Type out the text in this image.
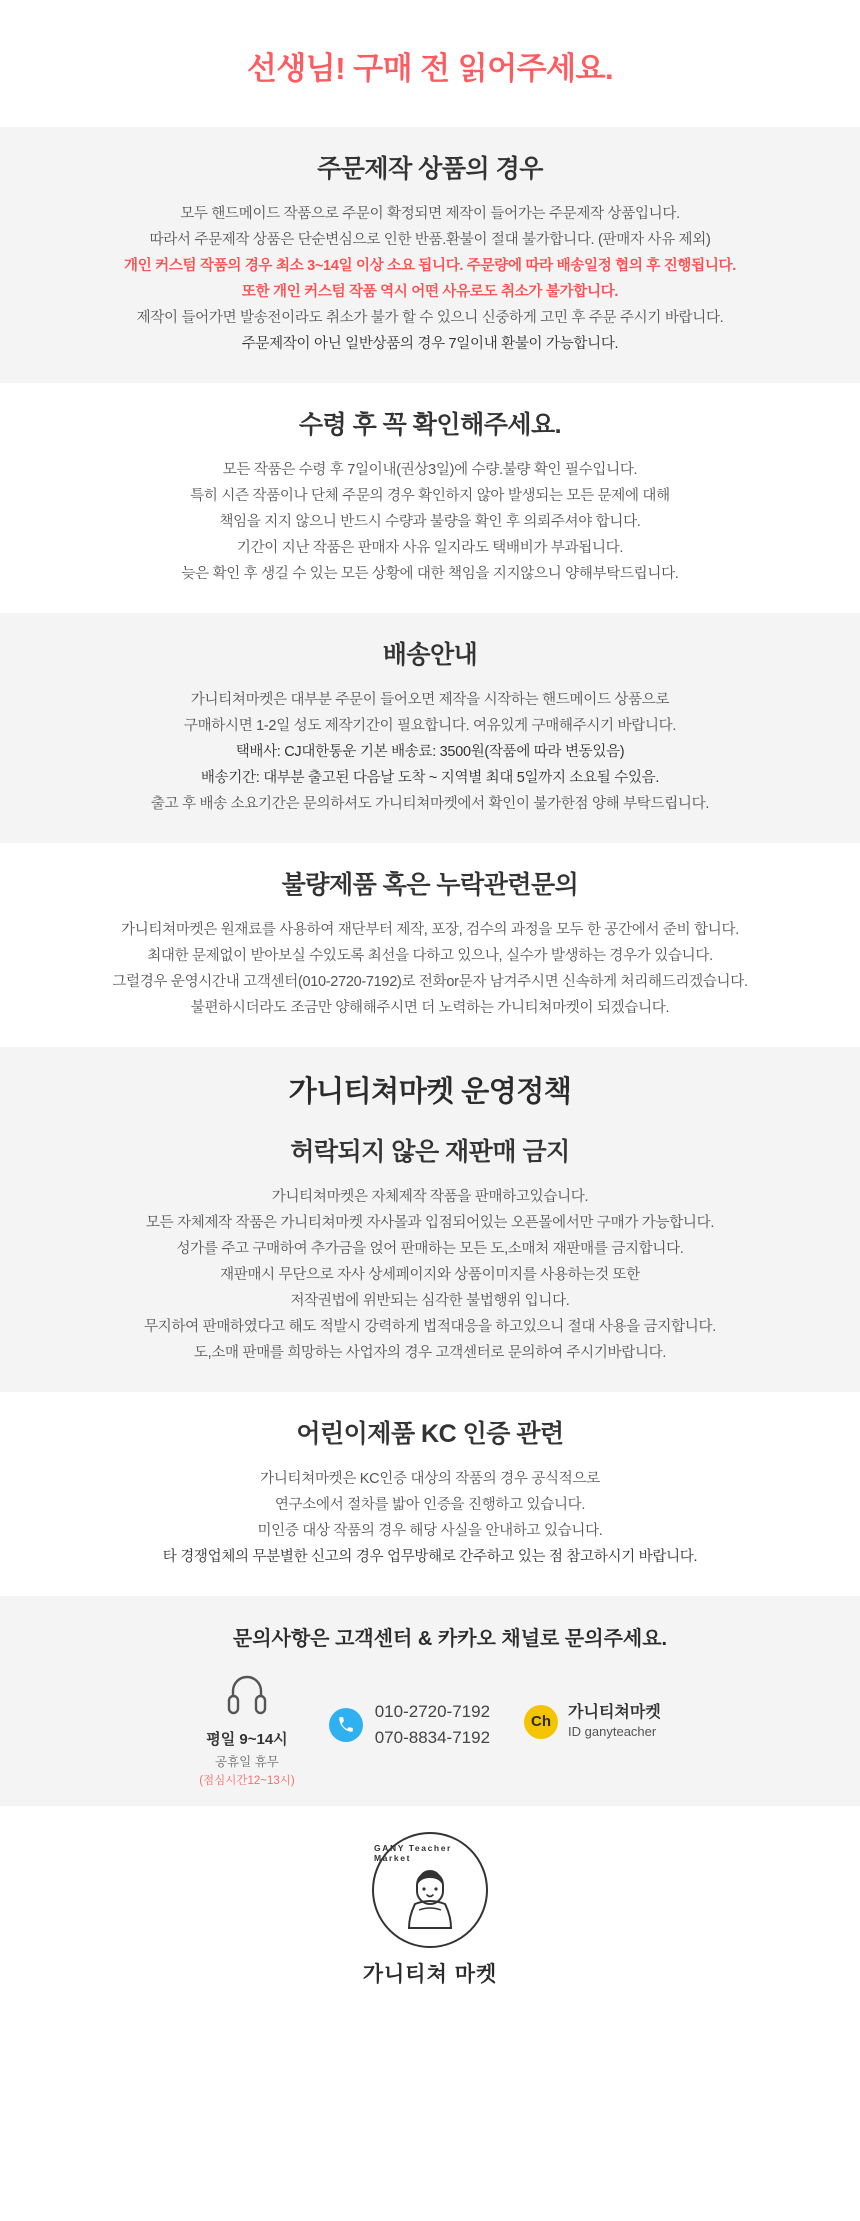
선생님! 구매 전 읽어주세요.
주문제작 상품의 경우
모두 핸드메이드 작품으로 주문이 확정되면 제작이 들어가는 주문제작 상품입니다.
따라서 주문제작 상품은 단순변심으로 인한 반품.환불이 절대 불가합니다. (판매자 사유 제외)
개인 커스텀 작품의 경우 최소 3~14일 이상 소요 됩니다. 주문량에 따라 배송일정 협의 후 진행됩니다.
또한 개인 커스텀 작품 역시 어떤 사유로도 취소가 불가합니다.
제작이 들어가면 발송전이라도 취소가 불가 할 수 있으니 신중하게 고민 후 주문 주시기 바랍니다.
주문제작이 아닌 일반상품의 경우 7일이내 환불이 가능합니다.
수령 후 꼭 확인해주세요.
모든 작품은 수령 후 7일이내(권상3일)에 수량.불량 확인 필수입니다.
특히 시즌 작품이나 단체 주문의 경우 확인하지 않아 발생되는 모든 문제에 대해
책임을 지지 않으니 반드시 수량과 불량을 확인 후 의뢰주셔야 합니다.
기간이 지난 작품은 판매자 사유 일지라도 택배비가 부과됩니다.
늦은 확인 후 생길 수 있는 모든 상황에 대한 책임을 지지않으니 양해부탁드립니다.
배송안내
가니티쳐마켓은 대부분 주문이 들어오면 제작을 시작하는 핸드메이드 상품으로
구매하시면 1-2일 성도 제작기간이 필요합니다. 여유있게 구매해주시기 바랍니다.
택배사: CJ대한통운 기본 배송료: 3500원(작품에 따라 변동있음)
배송기간: 대부분 출고된 다음날 도착 ~ 지역별 최대 5일까지 소요될 수있음.
출고 후 배송 소요기간은 문의하셔도 가니티쳐마켓에서 확인이 불가한점 양해 부탁드립니다.
불량제품 혹은 누락관련문의
가니티쳐마켓은 원재료를 사용하여 재단부터 제작, 포장, 검수의 과정을 모두 한 공간에서 준비 합니다.
최대한 문제없이 받아보실 수있도록 최선을 다하고 있으나, 실수가 발생하는 경우가 있습니다.
그럴경우 운영시간내 고객센터(010-2720-7192)로 전화or문자 남겨주시면 신속하게 처리해드리겠습니다.
불편하시더라도 조금만 양해해주시면 더 노력하는 가니티쳐마켓이 되겠습니다.
가니티쳐마켓 운영정책
허락되지 않은 재판매 금지
가니티쳐마켓은 자체제작 작품을 판매하고있습니다.
모든 자체제작 작품은 가니티쳐마켓 자사몰과 입점되어있는 오픈몰에서만 구매가 가능합니다.
성가를 주고 구매하여 추가금을 얹어 판매하는 모든 도,소매처 재판매를 금지합니다.
재판매시 무단으로 자사 상세페이지와 상품이미지를 사용하는것 또한
저작권법에 위반되는 심각한 불법행위 입니다.
무지하여 판매하였다고 해도 적발시 강력하게 법적대응을 하고있으니 절대 사용을 금지합니다.
도,소매 판매를 희망하는 사업자의 경우 고객센터로 문의하여 주시기바랍니다.
어린이제품 KC 인증 관련
가니티쳐마켓은 KC인증 대상의 작품의 경우 공식적으로
연구소에서 절차를 밟아 인증을 진행하고 있습니다.
미인증 대상 작품의 경우 해당 사실을 안내하고 있습니다.
타 경쟁업체의 무분별한 신고의 경우 업무방해로 간주하고 있는 점 참고하시기 바랍니다.
문의사항은 고객센터 & 카카오 채널로 문의주세요.
평일 9~14시
공휴일 휴무
(점심시간12~13시)
010-2720-7192
070-8834-7192
Ch
가니티쳐마켓
ID ganyteacher
GANY Teacher Market
가니티쳐 마켓
